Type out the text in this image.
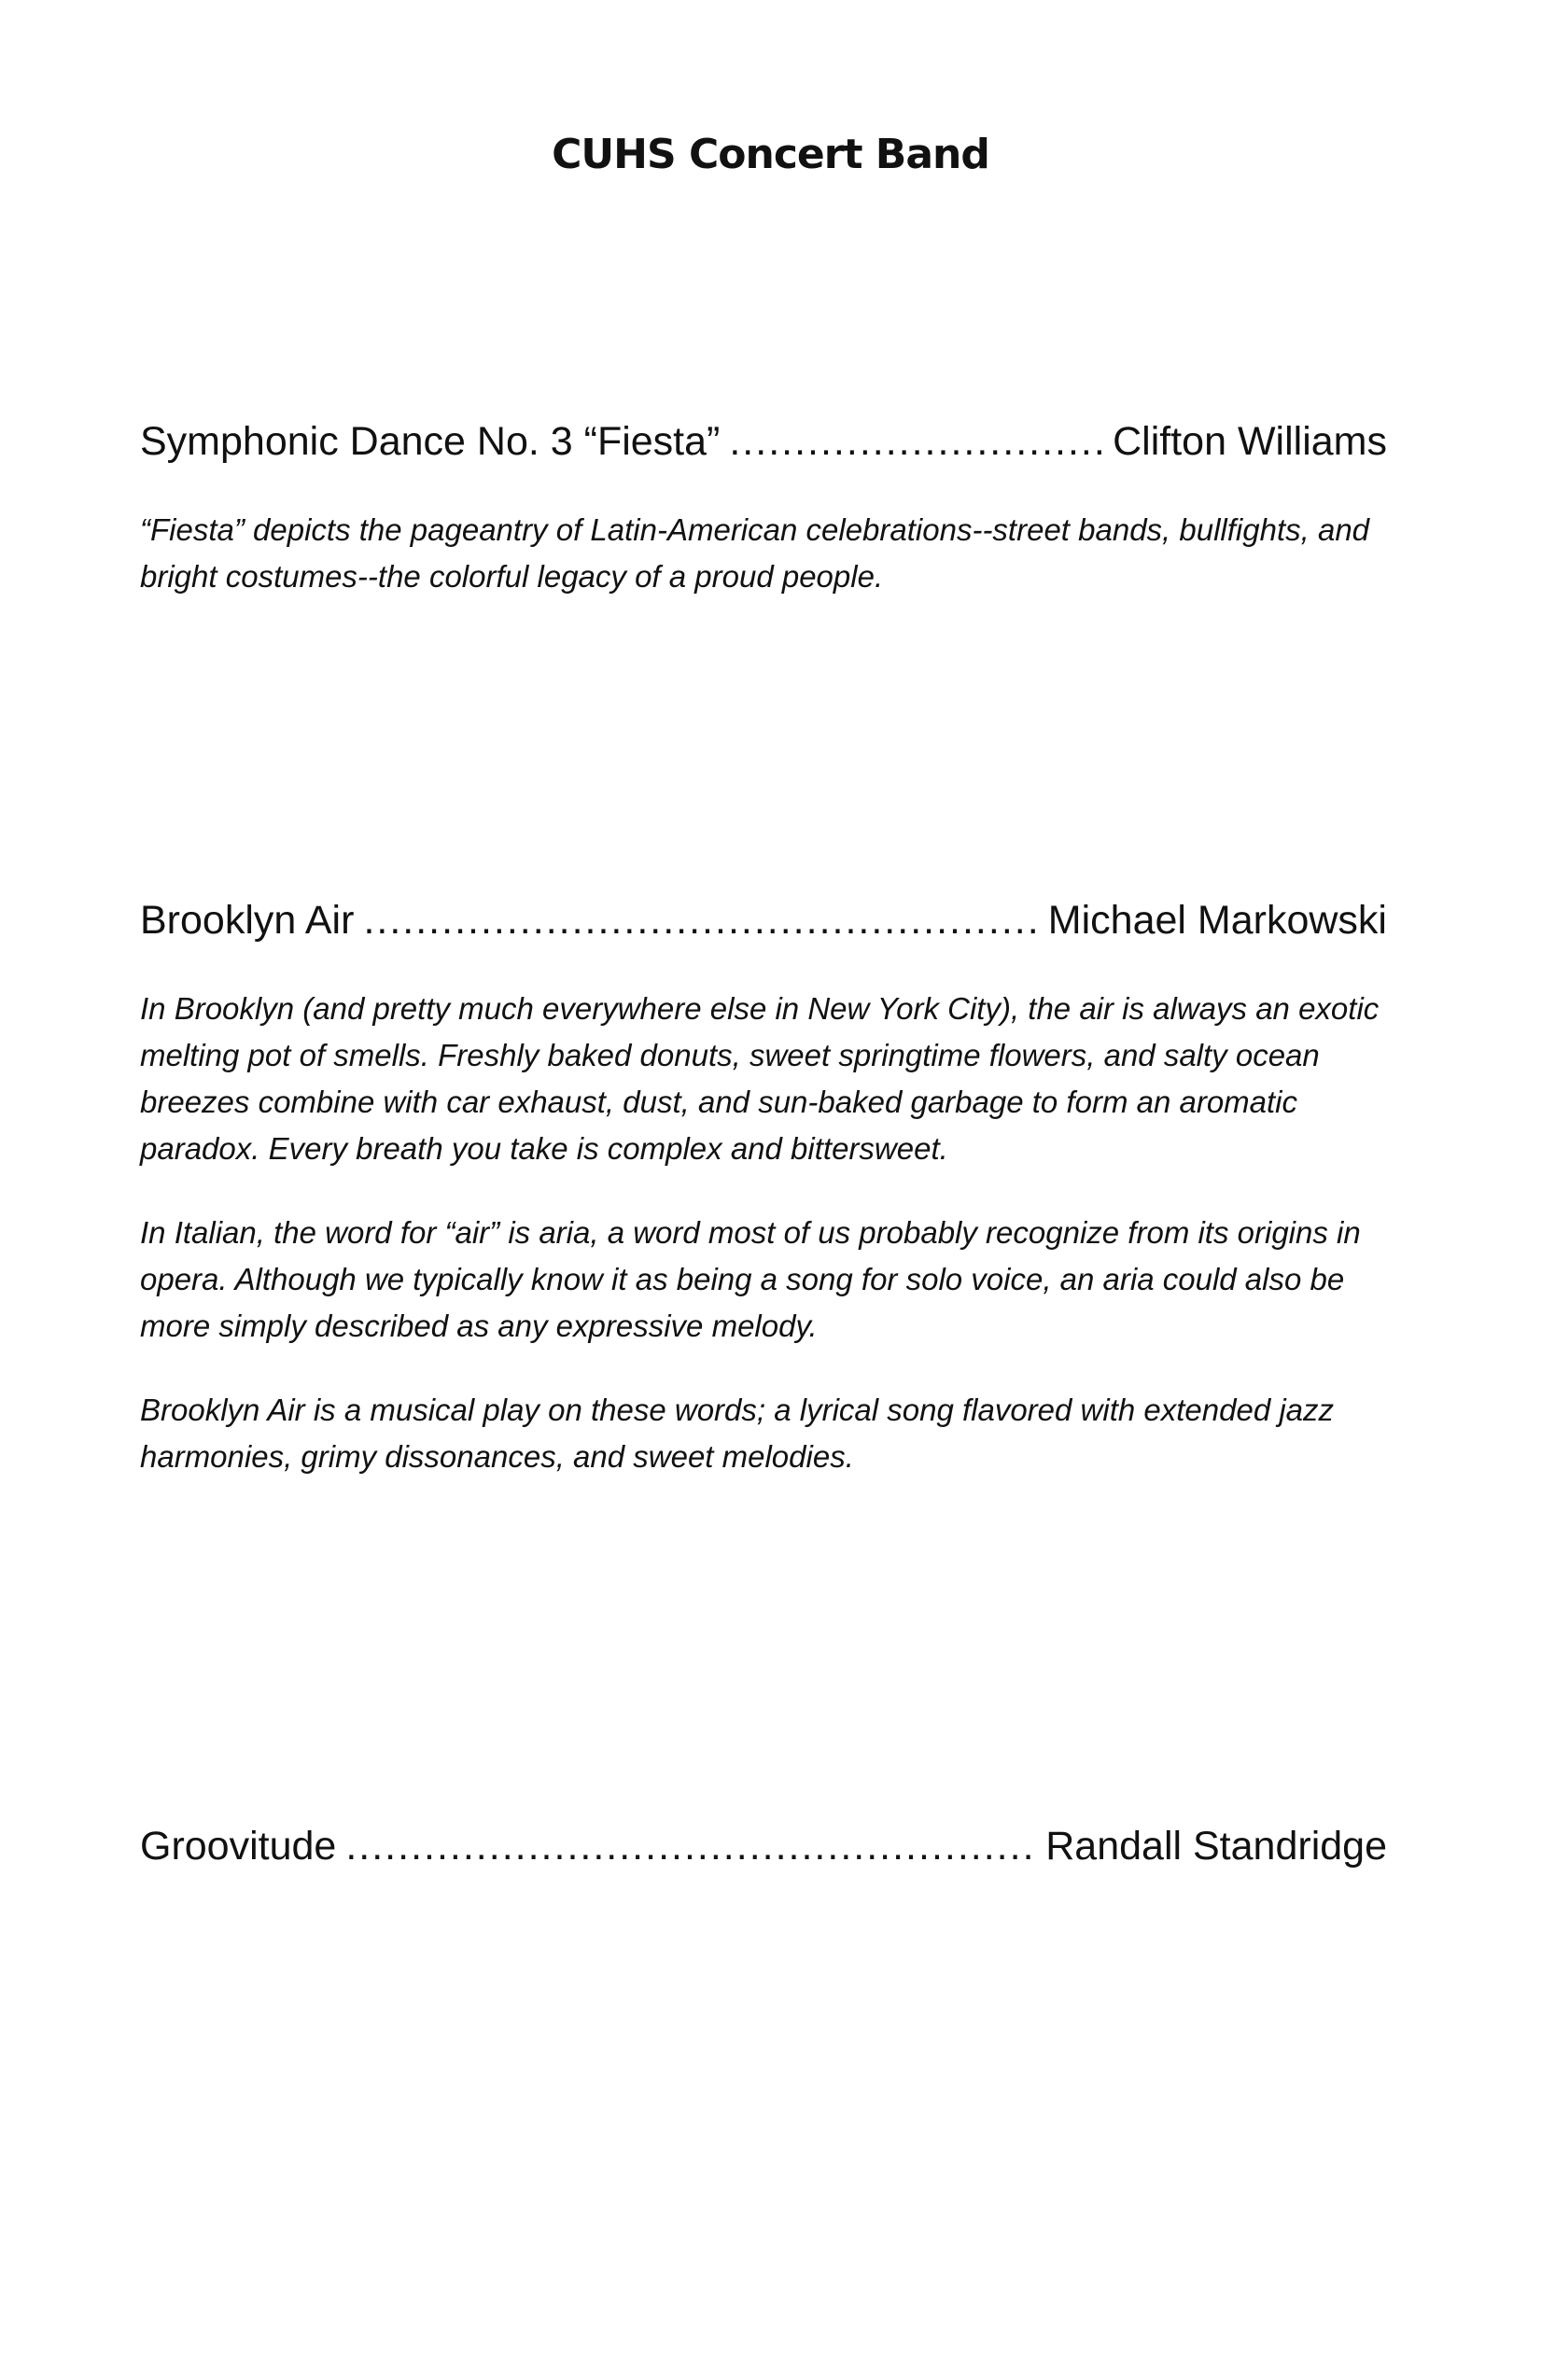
CUHS Concert Band
Symphonic Dance No. 3 “Fiesta” .....	Clifton Williams

“Fiesta” depicts the pageantry of Latin-American celebrations--street bands, bullfights, and bright costumes--the colorful legacy of a proud people.

Brooklyn Air .....	Michael Markowski

In Brooklyn (and pretty much everywhere else in New York City), the air is always an exotic melting pot of smells. Freshly baked donuts, sweet springtime flowers, and salty ocean breezes combine with car exhaust, dust, and sun-baked garbage to form an aromatic paradox. Every breath you take is complex and bittersweet.

In Italian, the word for “air” is aria, a word most of us probably recognize from its origins in opera. Although we typically know it as being a song for solo voice, an aria could also be more simply described as any expressive melody.

Brooklyn Air is a musical play on these words; a lyrical song flavored with extended jazz harmonies, grimy dissonances, and sweet melodies.

Groovitude .....	Randall Standridge
